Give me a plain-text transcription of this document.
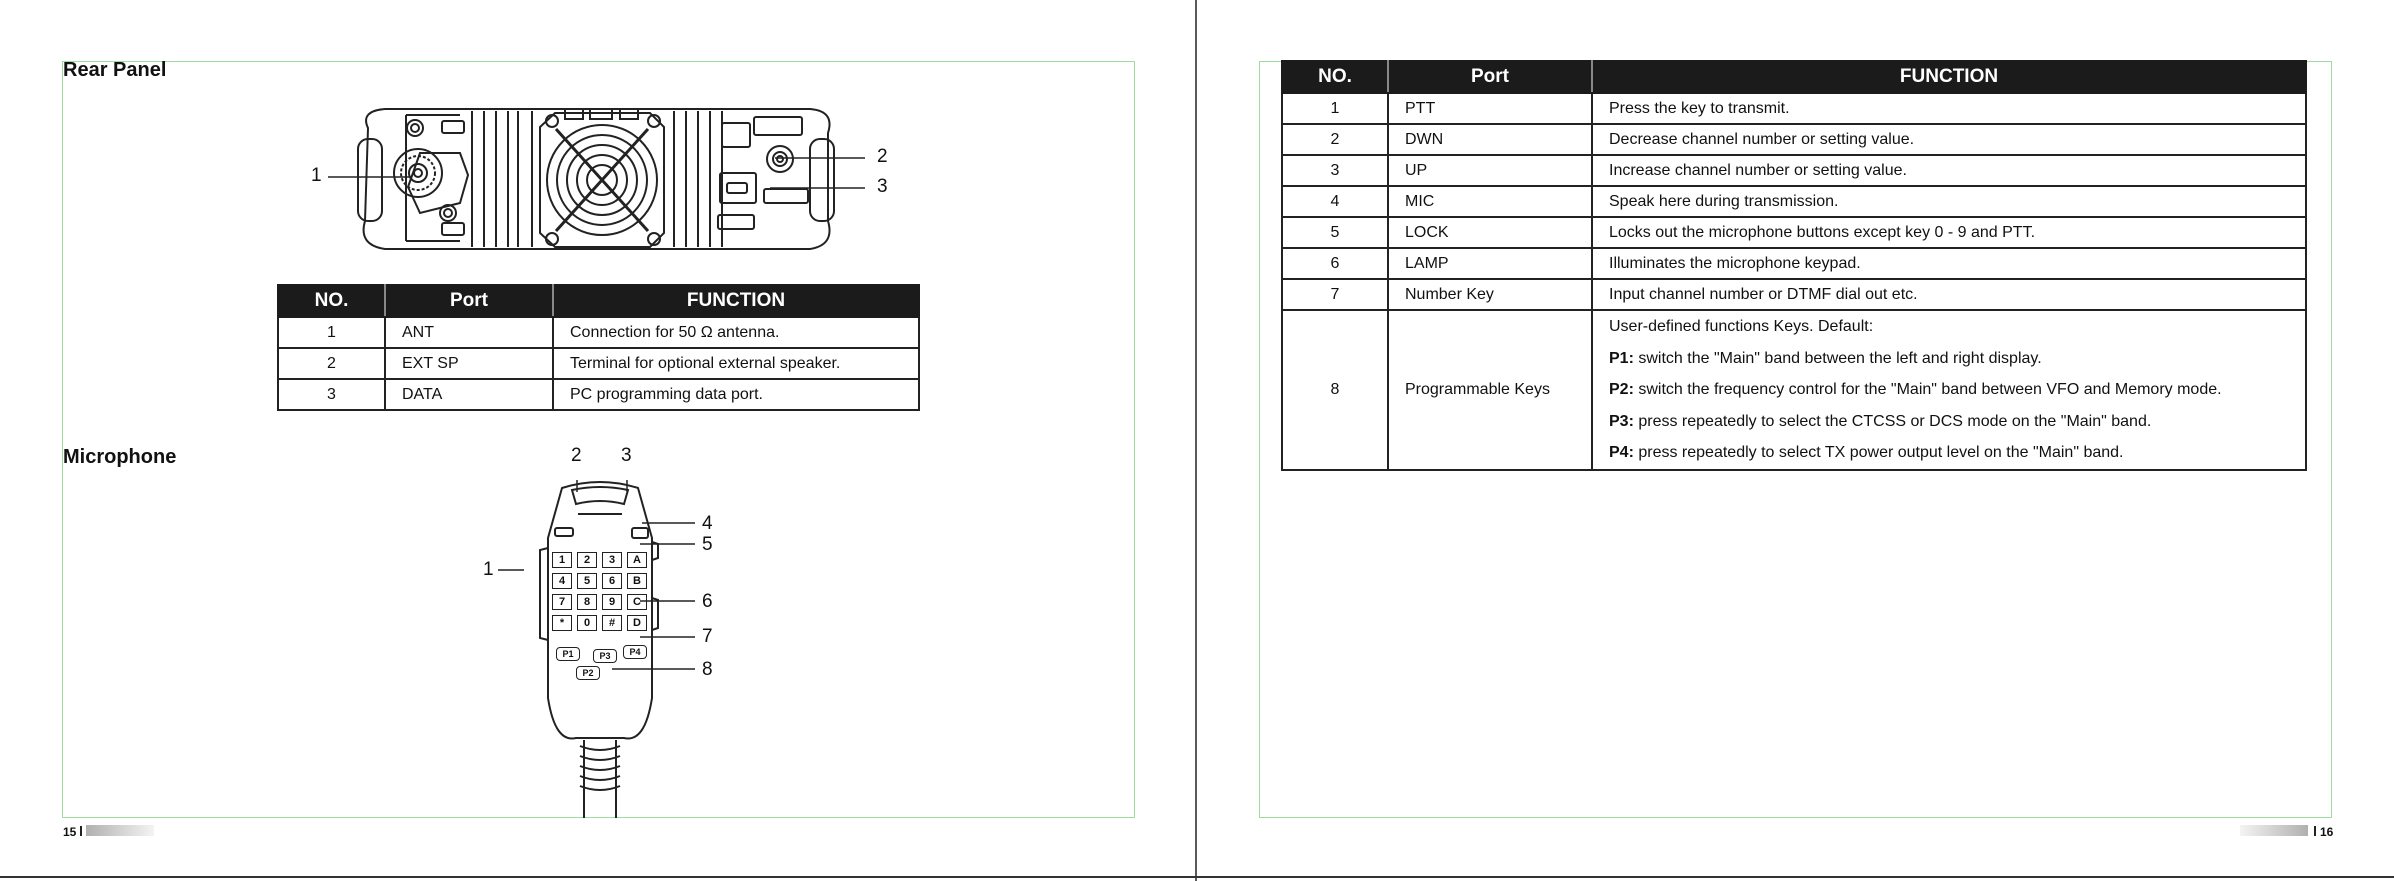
Rear Panel
1
2
3
NO.	Port	FUNCTION
1	ANT	Connection for 50 Ω antenna.
2	EXT SP	Terminal for optional external speaker.
3	DATA	PC programming data port.
Microphone
1	2	3	A
4	5	6	B
7	8	9	C
*	0	#	D
P1	P3	P4
P2
2 3
4
5
1
6
7
8
15
NO.	Port	FUNCTION
1	PTT	Press the key to transmit.
2	DWN	Decrease channel number or setting value.
3	UP	Increase channel number or setting value.
4	MIC	Speak here during transmission.
5	LOCK	Locks out the microphone buttons except key 0 - 9 and PTT.
6	LAMP	Illuminates the microphone keypad.
7	Number Key	Input channel number or DTMF dial out etc.
8	Programmable Keys	User-defined functions Keys. Default:
P1: switch the "Main" band between the left and right display.
P2: switch the frequency control for the "Main" band between VFO and Memory mode.
P3: press repeatedly to select the CTCSS or DCS mode on the "Main" band.
P4: press repeatedly to select TX power output level on the "Main" band.
16
